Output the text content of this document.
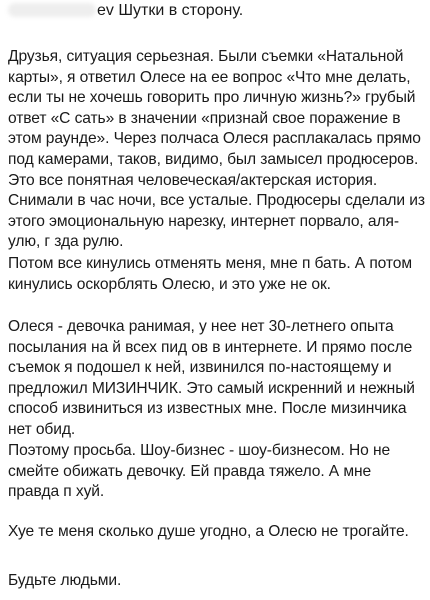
ev Шутки в сторону.

Друзья, ситуация серьезная. Были съемки «Натальной карты», я ответил Олесе на ее вопрос «Что мне делать, если ты не хочешь говорить про личную жизнь?» грубый ответ «С сать» в значении «признай свое поражение в этом раунде». Через полчаса Олеся расплакалась прямо под камерами, таков, видимо, был замысел продюсеров. Это все понятная человеческая/актерская история. Снимали в час ночи, все усталые. Продюсеры сделали из этого эмоциональную нарезку, интернет порвало, аля-улю, г зда рулю.

Потом все кинулись отменять меня, мне п бать. А потом кинулись оскорблять Олесю, и это уже не ок.

Олеся - девочка ранимая, у нее нет 30-летнего опыта посылания на й всех пид ов в интернете. И прямо после съемок я подошел к ней, извинился по-настоящему и предложил МИЗИНЧИК. Это самый искренний и нежный способ извиниться из известных мне. После мизинчика нет обид.

Поэтому просьба. Шоу-бизнес - шоу-бизнесом. Но не смейте обижать девочку. Ей правда тяжело. А мне правда п хуй.

Хуе те меня сколько душе угодно, а Олесю не трогайте.

Будьте людьми.
